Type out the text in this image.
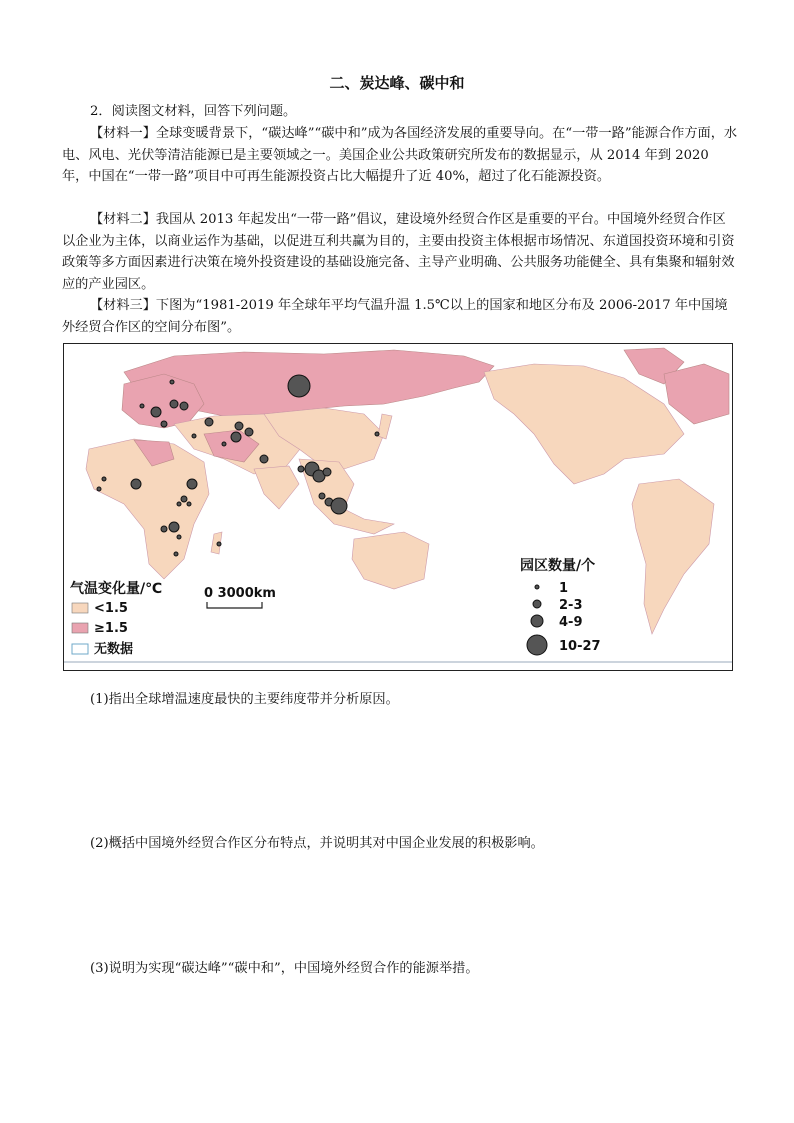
二、炭达峰、碳中和
2．阅读图文材料，回答下列问题。
【材料一】全球变暖背景下，“碳达峰”“碳中和”成为各国经济发展的重要导向。在“一带一路”能源合作方面，水电、风电、光伏等清洁能源已是主要领域之一。美国企业公共政策研究所发布的数据显示，从 2014 年到 2020 年，中国在“一带一路”项目中可再生能源投资占比大幅提升了近 40%，超过了化石能源投资。
【材料二】我国从 2013 年起发出“一带一路”倡议，建设境外经贸合作区是重要的平台。中国境外经贸合作区以企业为主体，以商业运作为基础，以促进互利共赢为目的，主要由投资主体根据市场情况、东道国投资环境和引资政策等多方面因素进行决策在境外投资建设的基础设施完备、主导产业明确、公共服务功能健全、具有集聚和辐射效应的产业园区。
【材料三】下图为“1981-2019 年全球年平均气温升温 1.5℃以上的国家和地区分布及 2006-2017 年中国境外经贸合作区的空间分布图”。
气温变化量/℃
<1.5
≥1.5
无数据
0 3000km
园区数量/个
1
2-3
4-9
10-27
(1)指出全球增温速度最快的主要纬度带并分析原因。
(2)概括中国境外经贸合作区分布特点，并说明其对中国企业发展的积极影响。
(3)说明为实现“碳达峰”“碳中和”，中国境外经贸合作的能源举措。
